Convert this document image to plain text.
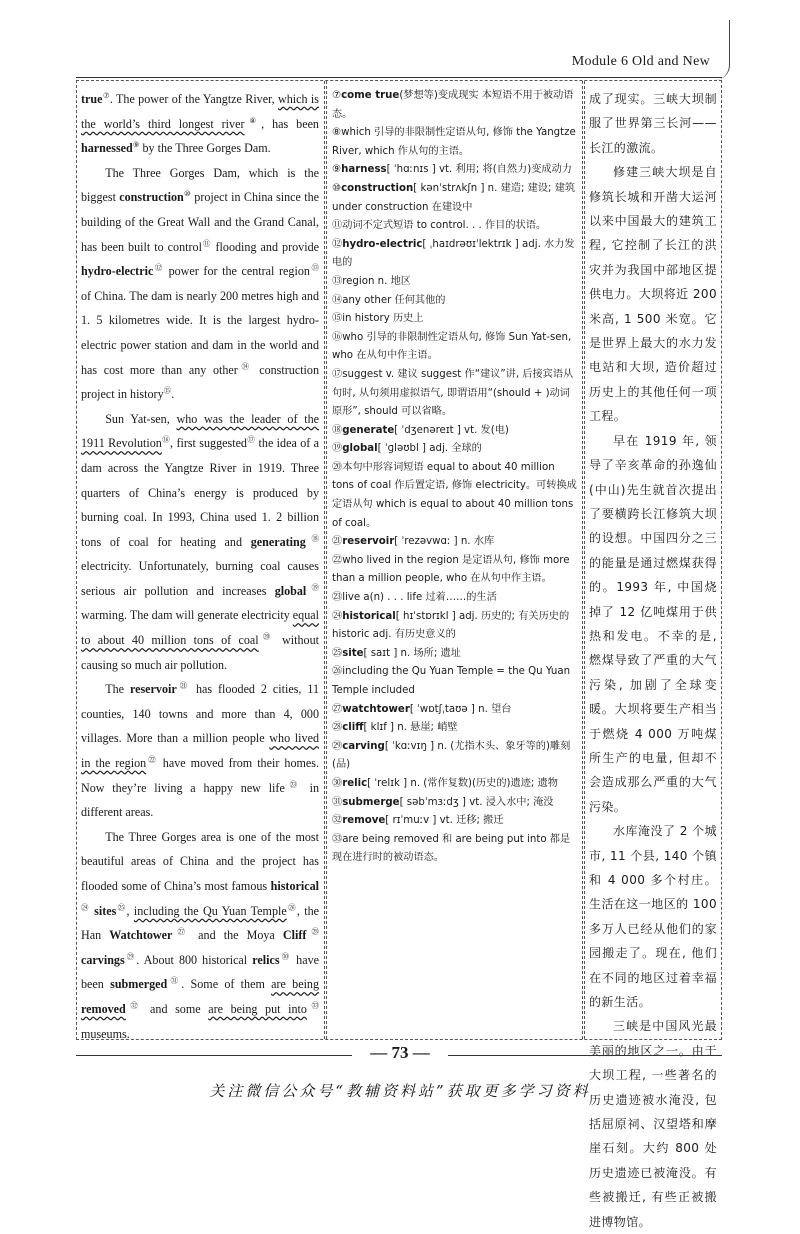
Module 6 Old and New

true⑦. The power of the Yangtze River, which is the world’s third longest river⑧, has been harnessed⑨ by the Three Gorges Dam.

The Three Gorges Dam, which is the biggest construction⑩ project in China since the building of the Great Wall and the Grand Canal, has been built to control⑪ flooding and provide hydro-electric⑫ power for the central region⑬ of China. The dam is nearly 200 metres high and 1. 5 kilometres wide. It is the largest hydro-electric power station and dam in the world and has cost more than any other⑭ construction project in history⑮.

Sun Yat-sen, who was the leader of the 1911 Revolution⑯, first suggested⑰ the idea of a dam across the Yangtze River in 1919. Three quarters of China’s energy is produced by burning coal. In 1993, China used 1. 2 billion tons of coal for heating and generating⑱ electricity. Unfortunately, burning coal causes serious air pollution and increases global⑲ warming. The dam will generate electricity equal to about 40 million tons of coal⑳ without causing so much air pollution.

The reservoir$^㉑$ has flooded 2 cities, 11 counties, 140 towns and more than 4, 000 villages. More than a million people who lived in the region$^㉒$ have moved from their homes. Now they’re living a happy new life$^㉓$ in different areas.

The Three Gorges area is one of the most beautiful areas of China and the project has flooded some of China’s most famous historical$^㉔$ sites$^㉕$, including the Qu Yuan Temple$^㉖$, the Han Watchtower$^㉗$ and the Moya Cliff$^㉘$ carvings$^㉙$. About 800 historical relics$^㉚$ have been submerged$^㉛$. Some of them are being removed$^㉜$ and some are being put into$^㉝$ museums.

⑦come true(梦想等)变成现实 本短语不用于被动语态。
⑧which 引导的非限制性定语从句, 修饰 the Yangtze River, which 作从句的主语。
⑨harness[ ˈhɑːnɪs ] vt. 利用; 将(自然力)变成动力
⑩construction[ kənˈstrʌkʃn ] n. 建造; 建设; 建筑 under construction 在建设中
⑪动词不定式短语 to control. . . 作目的状语。
⑫hydro-electric[ ˌhaɪdrəʊɪˈlektrɪk ] adj. 水力发电的
⑬region n. 地区
⑭any other 任何其他的
⑮in history 历史上
⑯who 引导的非限制性定语从句, 修饰 Sun Yat-sen, who 在从句中作主语。
⑰suggest v. 建议 suggest 作“建议”讲, 后接宾语从句时, 从句须用虚拟语气, 即谓语用“(should + )动词原形”, should 可以省略。
⑱generate[ ˈdʒenəreɪt ] vt. 发(电)
⑲global[ ˈɡləʊbl ] adj. 全球的
⑳本句中形容词短语 equal to about 40 million tons of coal 作后置定语, 修饰 electricity。可转换成定语从句 which is equal to about 40 million tons of coal。
㉑reservoir[ ˈrezəvwɑː ] n. 水库
㉒who lived in the region 是定语从句, 修饰 more than a million people, who 在从句中作主语。
㉓live a(n) . . . life 过着……的生活
㉔historical[ hɪˈstɒrɪkl ] adj. 历史的; 有关历史的 historic adj. 有历史意义的
㉕site[ saɪt ] n. 场所; 遗址
㉖including the Qu Yuan Temple = the Qu Yuan Temple included
㉗watchtower[ ˈwɒtʃˌtaʊə ] n. 望台
㉘cliff[ klɪf ] n. 悬崖; 峭壁
㉙carving[ ˈkɑːvɪŋ ] n. (尤指木头、象牙等的)雕刻(品)
㉚relic[ ˈrelɪk ] n. (常作复数)(历史的)遗迹; 遗物
㉛submerge[ səbˈmɜːdʒ ] vt. 浸入水中; 淹没
㉜remove[ rɪˈmuːv ] vt. 迁移; 搬迁
㉝are being removed 和 are being put into 都是现在进行时的被动语态。

成了现实。三峡大坝制服了世界第三长河——长江的激流。

修建三峡大坝是自修筑长城和开凿大运河以来中国最大的建筑工程, 它控制了长江的洪灾并为我国中部地区提供电力。大坝将近 200 米高, 1 500 米宽。它是世界上最大的水力发电站和大坝, 造价超过历史上的其他任何一项工程。

早在 1919 年, 领导了辛亥革命的孙逸仙(中山)先生就首次提出了要横跨长江修筑大坝的设想。中国四分之三的能量是通过燃煤获得的。1993 年, 中国烧掉了 12 亿吨煤用于供热和发电。不幸的是, 燃煤导致了严重的大气污染, 加剧了全球变暖。大坝将要生产相当于燃烧 4 000 万吨煤所生产的电量, 但却不会造成那么严重的大气污染。

水库淹没了 2 个城市, 11 个县, 140 个镇和 4 000 多个村庄。生活在这一地区的 100 多万人已经从他们的家园搬走了。现在, 他们在不同的地区过着幸福的新生活。

三峡是中国风光最美丽的地区之一。由于大坝工程, 一些著名的历史遗迹被水淹没, 包括屈原祠、汉望塔和摩崖石刻。大约 800 处历史遗迹已被淹没。有些被搬迁, 有些正被搬进博物馆。

— 73 —
关注微信公众号“教辅资料站”获取更多学习资料
